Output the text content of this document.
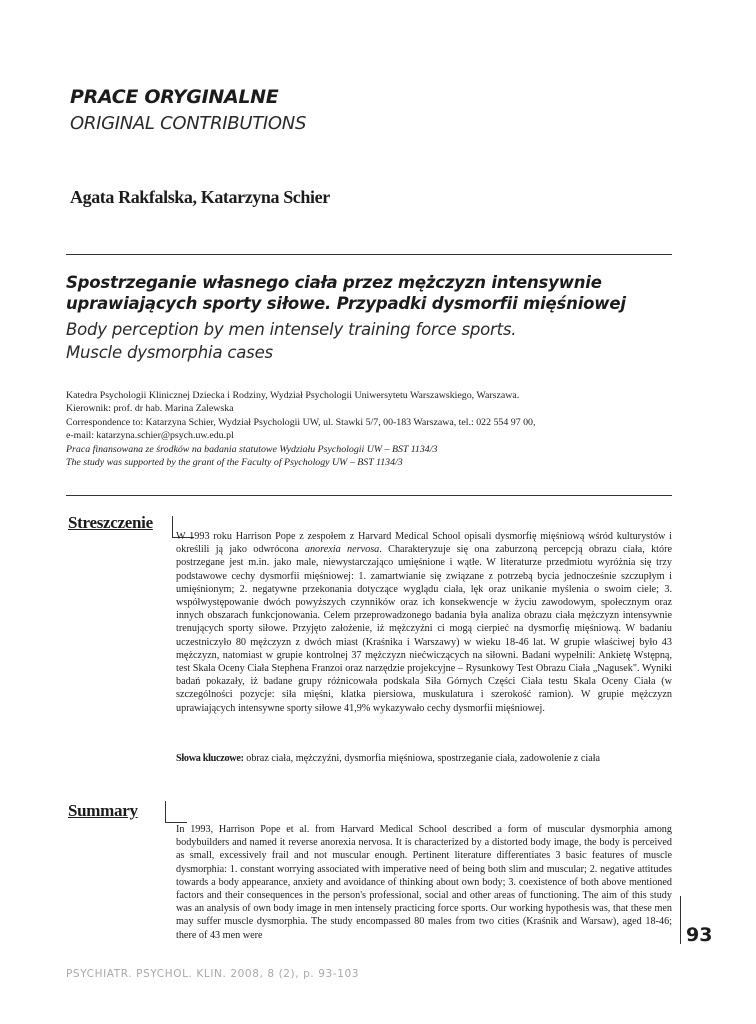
PRACE ORYGINALNE
ORIGINAL CONTRIBUTIONS
Agata Rakfalska, Katarzyna Schier
Spostrzeganie własnego ciała przez mężczyzn intensywnie uprawiających sporty siłowe. Przypadki dysmorfii mięśniowej
Body perception by men intensely training force sports.
Muscle dysmorphia cases
Katedra Psychologii Klinicznej Dziecka i Rodziny, Wydział Psychologii Uniwersytetu Warszawskiego, Warszawa.
Kierownik: prof. dr hab. Marina Zalewska
Correspondence to: Katarzyna Schier, Wydział Psychologii UW, ul. Stawki 5/7, 00-183 Warszawa, tel.: 022 554 97 00,
e-mail: katarzyna.schier@psych.uw.edu.pl
Praca finansowana ze środków na badania statutowe Wydziału Psychologii UW – BST 1134/3
The study was supported by the grant of the Faculty of Psychology UW – BST 1134/3
Streszczenie
W 1993 roku Harrison Pope z zespołem z Harvard Medical School opisali dysmorfię mięśniową wśród kulturystów i określili ją jako odwrócona anorexia nervosa. Charakteryzuje się ona zaburzoną percepcją obrazu ciała, które postrzegane jest m.in. jako male, niewystarczająco umięśnione i wątłe. W literaturze przedmiotu wyróżnia się trzy podstawowe cechy dysmorfii mięśniowej: 1. zamartwianie się związane z potrzebą bycia jednocześnie szczupłym i umięśnionym; 2. negatywne przekonania dotyczące wyglądu ciała, lęk oraz unikanie myślenia o swoim ciele; 3. współwystępowanie dwóch powyższych czynników oraz ich konsekwencje w życiu zawodowym, społecznym oraz innych obszarach funkcjonowania. Celem przeprowadzonego badania była analiza obrazu ciała mężczyzn intensywnie trenujących sporty siłowe. Przyjęto założenie, iż mężczyźni ci mogą cierpieć na dysmorfię mięśniową. W badaniu uczestniczyło 80 mężczyzn z dwóch miast (Kraśnika i Warszawy) w wieku 18-46 lat. W grupie właściwej było 43 mężczyzn, natomiast w grupie kontrolnej 37 mężczyzn niećwiczących na siłowni. Badani wypełnili: Ankietę Wstępną, test Skala Oceny Ciała Stephena Franzoi oraz narzędzie projekcyjne – Rysunkowy Test Obrazu Ciała „Nagusek". Wyniki badań pokazały, iż badane grupy różnicowała podskala Siła Górnych Części Ciała testu Skala Oceny Ciała (w szczególności pozycje: siła mięśni, klatka piersiowa, muskulatura i szerokość ramion). W grupie mężczyzn uprawiających intensywne sporty siłowe 41,9% wykazywało cechy dysmorfii mięśniowej.
Słowa kluczowe: obraz ciała, mężczyźni, dysmorfia mięśniowa, spostrzeganie ciała, zadowolenie z ciała
Summary
In 1993, Harrison Pope et al. from Harvard Medical School described a form of muscular dysmorphia among bodybuilders and named it reverse anorexia nervosa. It is characterized by a distorted body image, the body is perceived as small, excessively frail and not muscular enough. Pertinent literature differentiates 3 basic features of muscle dysmorphia: 1. constant worrying associated with imperative need of being both slim and muscular; 2. negative attitudes towards a body appearance, anxiety and avoidance of thinking about own body; 3. coexistence of both above mentioned factors and their consequences in the person's professional, social and other areas of functioning. The aim of this study was an analysis of own body image in men intensely practicing force sports. Our working hypothesis was, that these men may suffer muscle dysmorphia. The study encompassed 80 males from two cities (Kraśnik and Warsaw), aged 18-46; there of 43 men were	93
PSYCHIATR. PSYCHOL. KLIN. 2008, 8 (2), p. 93-103
